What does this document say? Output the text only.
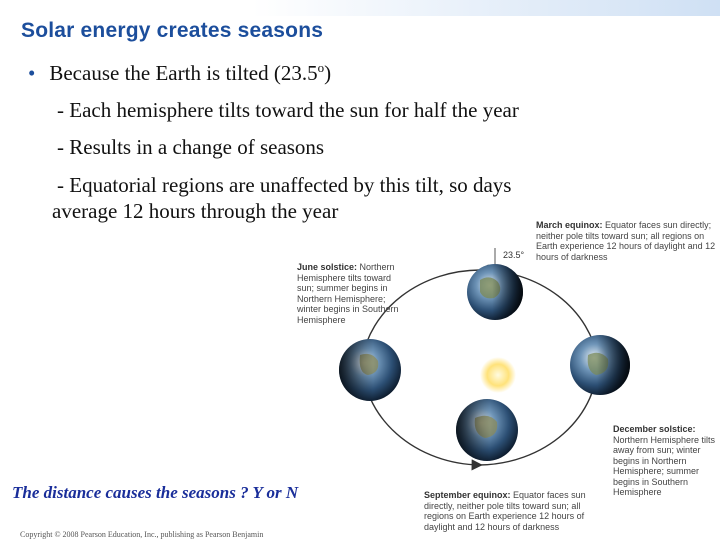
Solar energy creates seasons
• Because the Earth is tilted (23.5$^o$)
- Each hemisphere tilts toward the sun for half the year
- Results in a change of seasons
- Equatorial regions are unaffected by this tilt, so days
average 12 hours through the year
23.5°
June solstice: Northern Hemisphere tilts toward sun; summer begins in Northern Hemisphere; winter begins in Southern Hemisphere
March equinox: Equator faces sun directly; neither pole tilts toward sun; all regions on Earth experience 12 hours of daylight and 12 hours of darkness
December solstice:
Northern Hemisphere tilts away from sun; winter begins in Northern Hemisphere; summer begins in Southern Hemisphere
September equinox: Equator faces sun directly, neither pole tilts toward sun; all regions on Earth experience 12 hours of daylight and 12 hours of darkness
The distance causes the seasons ? Y or N
Copyright © 2008 Pearson Education, Inc., publishing as Pearson Benjamin
